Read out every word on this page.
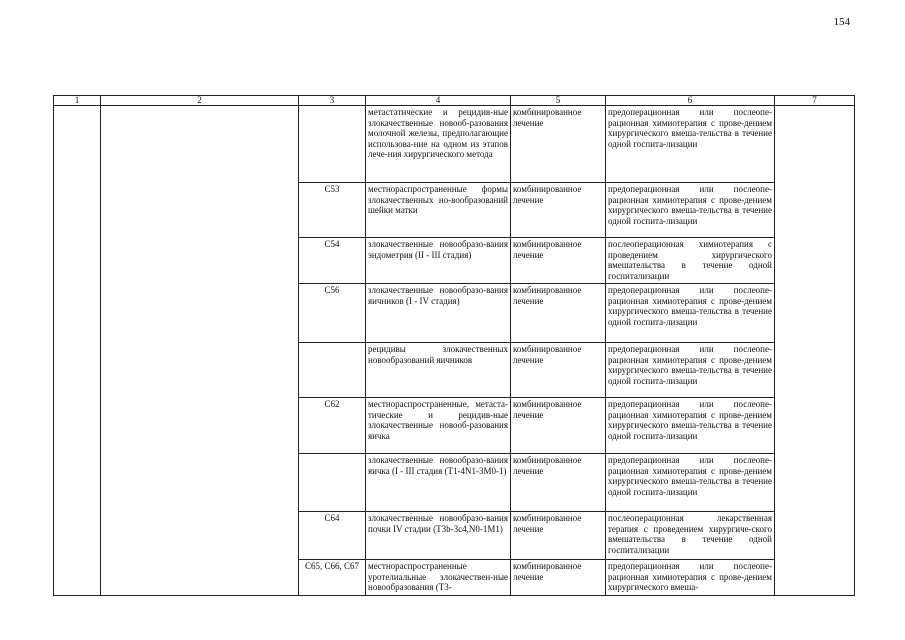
154
1	2	3	4	5	6	7
			метастатические и рецидив-ные злокачественные новооб-разования молочной железы, предполагающие использова-ние на одном из этапов лече-ния хирургического метода	комбинированное лечение	предоперационная или послеопе-рационная химиотерапия с прове-дением хирургического вмеша-тельства в течение одной госпита-лизации	
		C53	местнораспространенные формы злокачественных но-вообразований шейки матки	комбинированное лечение	предоперационная или послеопе-рационная химиотерапия с прове-дением хирургического вмеша-тельства в течение одной госпита-лизации	
		C54	злокачественные новообразо-вания эндометрия (II - III стадия)	комбинированное лечение	послеоперационная химиотерапия с проведением хирургического вмешательства в течение одной госпитализации	
		C56	злокачественные новообразо-вания яичников (I - IV стадия)	комбинированное лечение	предоперационная или послеопе-рационная химиотерапия с прове-дением хирургического вмеша-тельства в течение одной госпита-лизации	
			рецидивы злокачественных новообразований яичников	комбинированное лечение	предоперационная или послеопе-рационная химиотерапия с прове-дением хирургического вмеша-тельства в течение одной госпита-лизации	
		C62	местнораспространенные, метаста-тические и рецидив-ные злокачественные новооб-разования яичка	комбинированное лечение	предоперационная или послеопе-рационная химиотерапия с прове-дением хирургического вмеша-тельства в течение одной госпита-лизации	
			злокачественные новообразо-вания яичка (I - III стадия (T1-4N1-3M0-1)	комбинированное лечение	предоперационная или послеопе-рационная химиотерапия с прове-дением хирургического вмеша-тельства в течение одной госпита-лизации	
		C64	злокачественные новообразо-вания почки IV стадии (T3b-3c4,N0-1M1)	комбинированное лечение	послеоперационная лекарственная терапия с проведением хирургиче-ского вмешательства в течение одной госпитализации	
		C65, C66, C67	местнораспространенные уротелиальные злокачествен-ные новообразования (T3-	комбинированное лечение	предоперационная или послеопе-рационная химиотерапия с прове-дением хирургического вмеша-	
